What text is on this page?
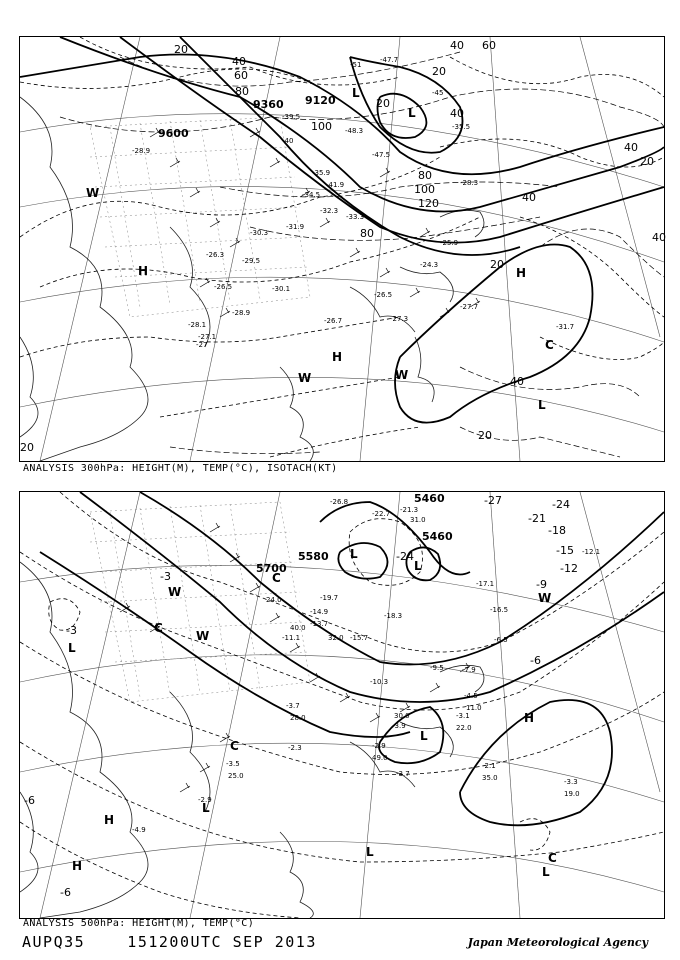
9120
9360
9600
20
40
60
80
100
120
40 60
80
100
20
40
40
20
20
20
20
40
40
20
40
80
L
L
H	H
H
L
W
W	W
C
-51
-47.7
-48.3
-47.5
-45
-39.5
-40
-35.5
-41.9
-35.9
-34.5
-32.3
-33.3
-31.9
-30.3
-29.5
-30.1
-28.9
-26.5
-26.7	-27.3
-28.3
-26.3
-27
-25.9
-31.7
-27.7
-28.9
-26.5
-24.3
-28.1
-27.1
ANALYSIS 300hPa: HEIGHT(M), TEMP(°C), ISOTACH(KT)
5460
5460
5580
5700
-27	-24
-21
-18
-15
-12
-9
-6
-3
-6
-6
-3
-24
L
L
L
L
L
L
L
H
H
H
W
W
W
C
C
C
C
-21.3
-22.7
31.0
-26.8
-19.7
-18.3
-12.1
-17.1
-16.5
-15.7
-14.9
-13.7
-11.1
-10.3
-9.5	-7.9
-6.5
-4.5
-3.1
-2.9
-2.3
-3.5
-3.7
-2.1
-3.3
-4.9
-3.9
-3.7
-2.9
24.0
32.0
40.0
11.0
22.0
49.0
35.0
19.0
25.0
28.0	30.0
ANALYSIS 500hPa: HEIGHT(M), TEMP(°C)
AUPQ35    151200UTC SEP 2013	Japan Meteorological Agency
